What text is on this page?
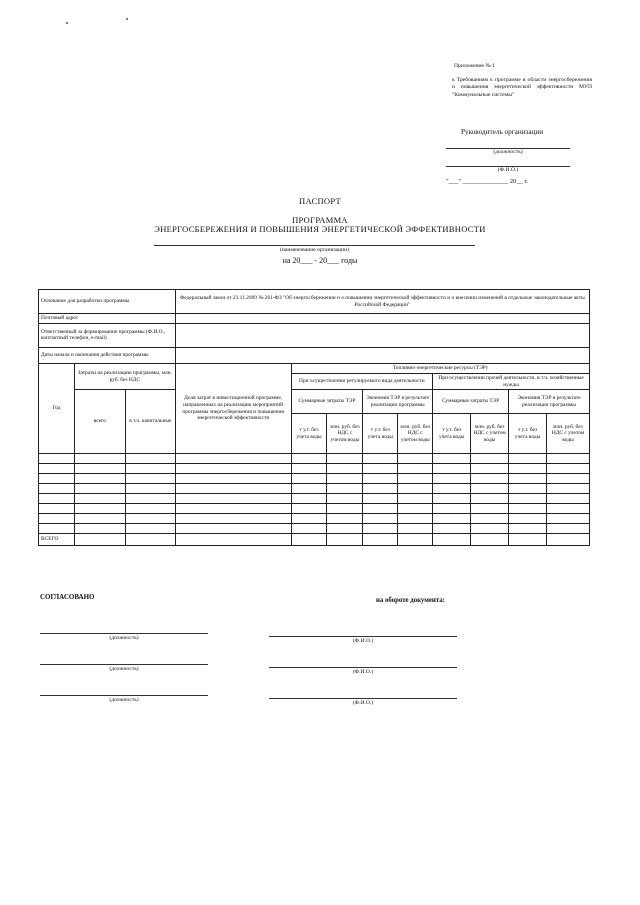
Приложение № 1
к Требованиям к программе в области энергосбережения и повышения энергетической эффективности МУП "Коммунальные системы"
Руководитель организации
(должность)
(Ф.И.О.)
"___" ______________ 20__ г.
ПАСПОРТ
ПРОГРАММА
ЭНЕРГОСБЕРЕЖЕНИЯ И ПОВЫШЕНИЯ ЭНЕРГЕТИЧЕСКОЙ ЭФФЕКТИВНОСТИ
(наименование организации)
на 20___ - 20___ годы
Основание для разработки программы			Федеральный закон от 23.11.2009 № 261-ФЗ "Об энергосбережении и о повышении энергетической эффективности и о внесении изменений в отдельные законодательные акты Российской Федерации"								
Почтовый адрес											
Ответственный за формирование программы (Ф.И.О., контактный телефон, e-mail)											
Даты начала и окончания действия программы											
Год	Затраты на реализацию программы, млн. руб. без НДС		Доля затрат в инвестиционной программе, направленных на реализацию мероприятий программы энергосбережения и повышения энергетической эффективности	Топливно-энергетические ресурсы (ТЭР)							
				При осуществлении регулируемого вида деятельности				При осуществлении прочей деятельности, в т.ч. хозяйственные нужды			
	всего	в т.ч. капитальные		Суммарные затраты ТЭР		Экономия ТЭР в результате реализации программы		Суммарные затраты ТЭР		Экономия ТЭР в результате реализации программы	
				т у.т. без учета воды	млн. руб. без НДС с учетом воды	т у.т. без учета воды	млн. руб. без НДС с учетом воды	т у.т. без учета воды	млн. руб. без НДС с учетом воды	т у.т. без учета воды	млн. руб. без НДС с учетом воды

ВСЕГО											
СОГЛАСОВАНО	на обороте документа:
(должность)	(Ф.И.О.)
(должность)	(Ф.И.О.)
(должность)	(Ф.И.О.)
